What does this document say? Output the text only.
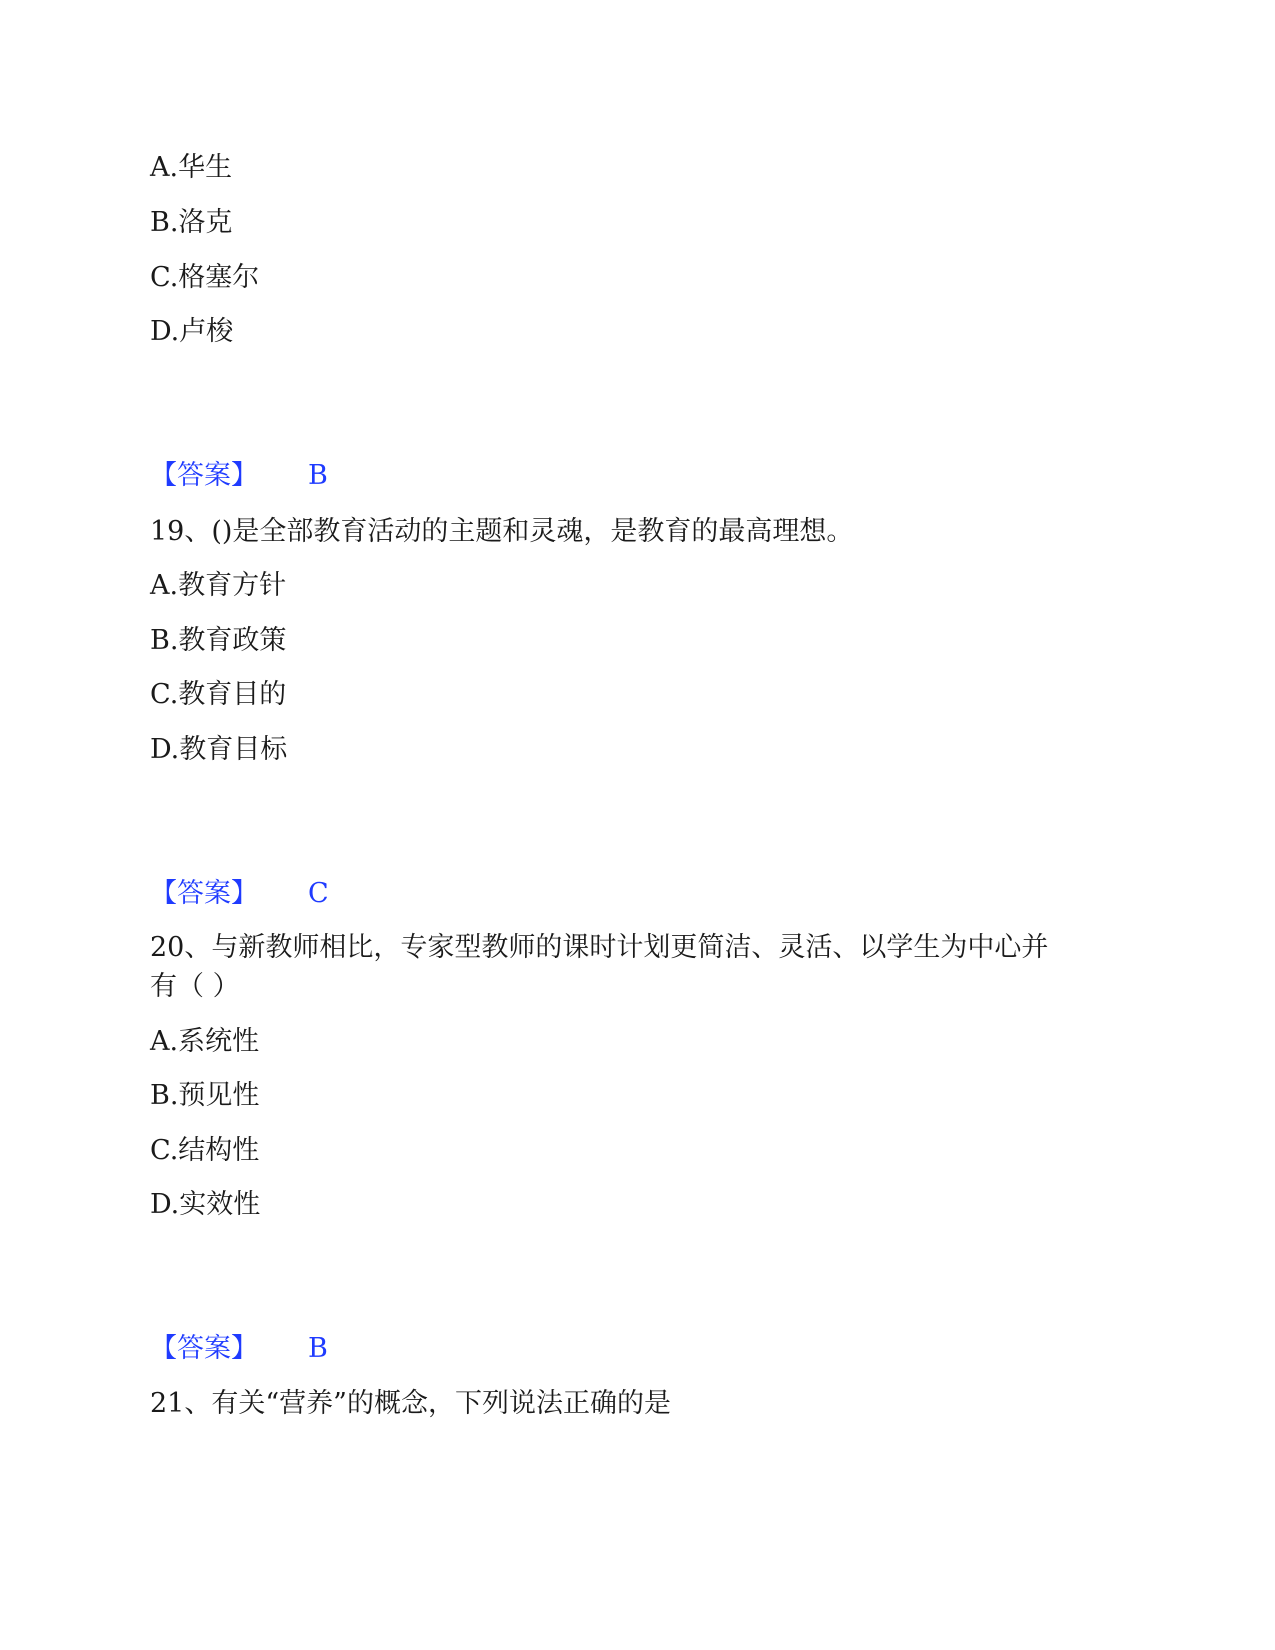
A.华生
B.洛克
C.格塞尔
D.卢梭
【答案】 B
19、()是全部教育活动的主题和灵魂，是教育的最高理想。
A.教育方针
B.教育政策
C.教育目的
D.教育目标
【答案】 C
20、与新教师相比，专家型教师的课时计划更简洁、灵活、以学生为中心并
有（ ）
A.系统性
B.预见性
C.结构性
D.实效性
【答案】 B
21、有关“营养”的概念，下列说法正确的是
